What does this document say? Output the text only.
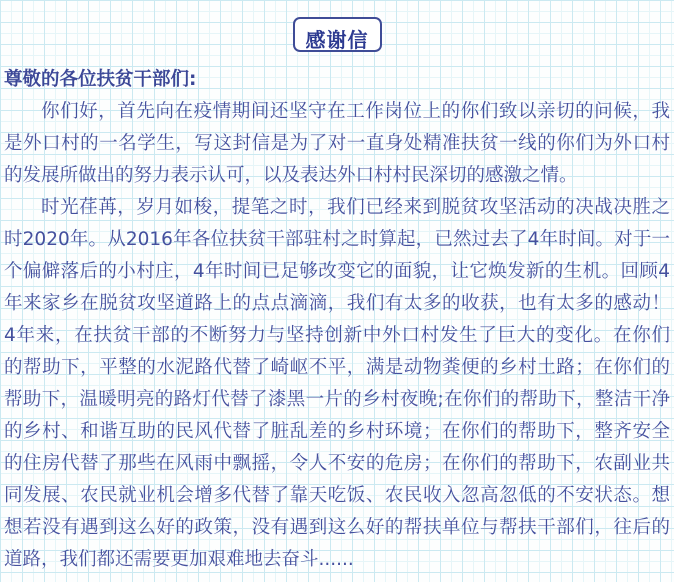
感谢信
尊敬的各位扶贫干部们:
你们好，首先向在疫情期间还坚守在工作岗位上的你们致以亲切的问候，我
是外口村的一名学生，写这封信是为了对一直身处精准扶贫一线的你们为外口村
的发展所做出的努力表示认可，以及表达外口村村民深切的感激之情。
时光荏苒，岁月如梭，提笔之时，我们已经来到脱贫攻坚活动的决战决胜之
时2020年。从2016年各位扶贫干部驻村之时算起，已然过去了4年时间。对于一
个偏僻落后的小村庄，4年时间已足够改变它的面貌，让它焕发新的生机。回顾4
年来家乡在脱贫攻坚道路上的点点滴滴，我们有太多的收获，也有太多的感动！
4年来，在扶贫干部的不断努力与坚持创新中外口村发生了巨大的变化。在你们
的帮助下，平整的水泥路代替了崎岖不平，满是动物粪便的乡村土路；在你们的
帮助下，温暖明亮的路灯代替了漆黑一片的乡村夜晚;在你们的帮助下，整洁干净
的乡村、和谐互助的民风代替了脏乱差的乡村环境；在你们的帮助下，整齐安全
的住房代替了那些在风雨中飘摇，令人不安的危房；在你们的帮助下，农副业共
同发展、农民就业机会增多代替了靠天吃饭、农民收入忽高忽低的不安状态。想
想若没有遇到这么好的政策，没有遇到这么好的帮扶单位与帮扶干部们，往后的
道路，我们都还需要更加艰难地去奋斗......
